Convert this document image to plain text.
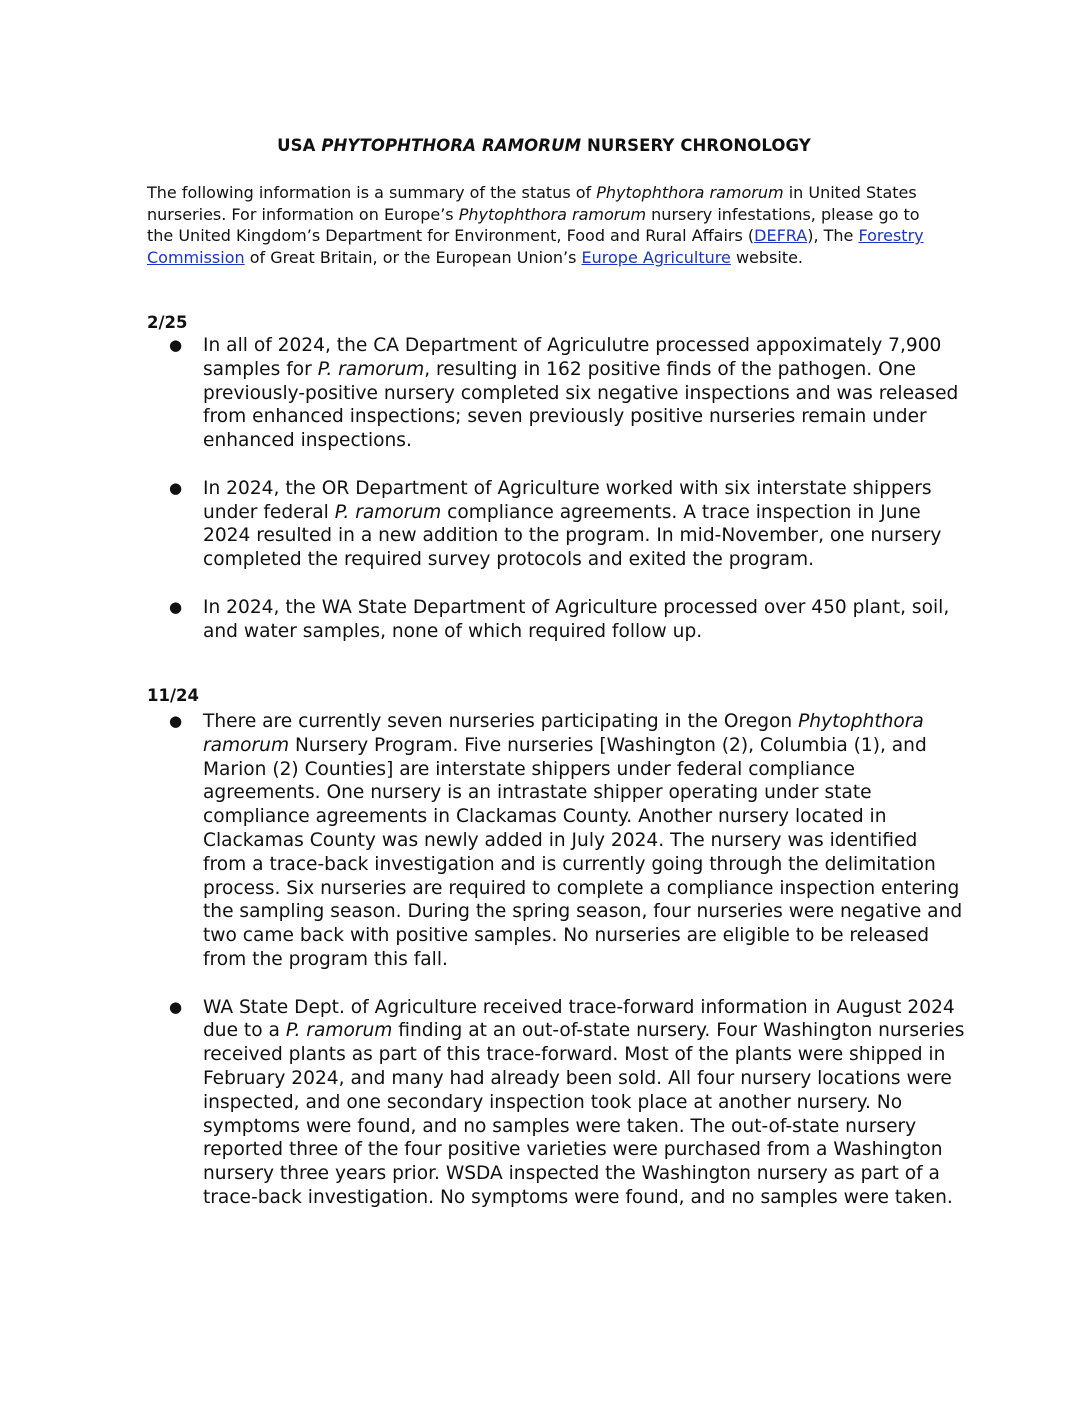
USA PHYTOPHTHORA RAMORUM NURSERY CHRONOLOGY
The following information is a summary of the status of Phytophthora ramorum in United States nurseries. For information on Europe’s Phytophthora ramorum nursery infestations, please go to the United Kingdom’s Department for Environment, Food and Rural Affairs (DEFRA), The Forestry Commission of Great Britain, or the European Union’s Europe Agriculture website.
2/25
● In all of 2024, the CA Department of Agriculutre processed appoximately 7,900 samples for P. ramorum, resulting in 162 positive finds of the pathogen. One previously-positive nursery completed six negative inspections and was released from enhanced inspections; seven previously positive nurseries remain under enhanced inspections.
● In 2024, the OR Department of Agriculture worked with six interstate shippers under federal P. ramorum compliance agreements. A trace inspection in June 2024 resulted in a new addition to the program. In mid-November, one nursery completed the required survey protocols and exited the program.
● In 2024, the WA State Department of Agriculture processed over 450 plant, soil, and water samples, none of which required follow up.
11/24
● There are currently seven nurseries participating in the Oregon Phytophthora ramorum Nursery Program. Five nurseries [Washington (2), Columbia (1), and Marion (2) Counties] are interstate shippers under federal compliance agreements. One nursery is an intrastate shipper operating under state compliance agreements in Clackamas County. Another nursery located in Clackamas County was newly added in July 2024. The nursery was identified from a trace-back investigation and is currently going through the delimitation process. Six nurseries are required to complete a compliance inspection entering the sampling season. During the spring season, four nurseries were negative and two came back with positive samples. No nurseries are eligible to be released from the program this fall.
● WA State Dept. of Agriculture received trace-forward information in August 2024 due to a P. ramorum finding at an out-of-state nursery. Four Washington nurseries received plants as part of this trace-forward. Most of the plants were shipped in February 2024, and many had already been sold. All four nursery locations were inspected, and one secondary inspection took place at another nursery. No symptoms were found, and no samples were taken. The out-of-state nursery reported three of the four positive varieties were purchased from a Washington nursery three years prior. WSDA inspected the Washington nursery as part of a trace-back investigation. No symptoms were found, and no samples were taken.
